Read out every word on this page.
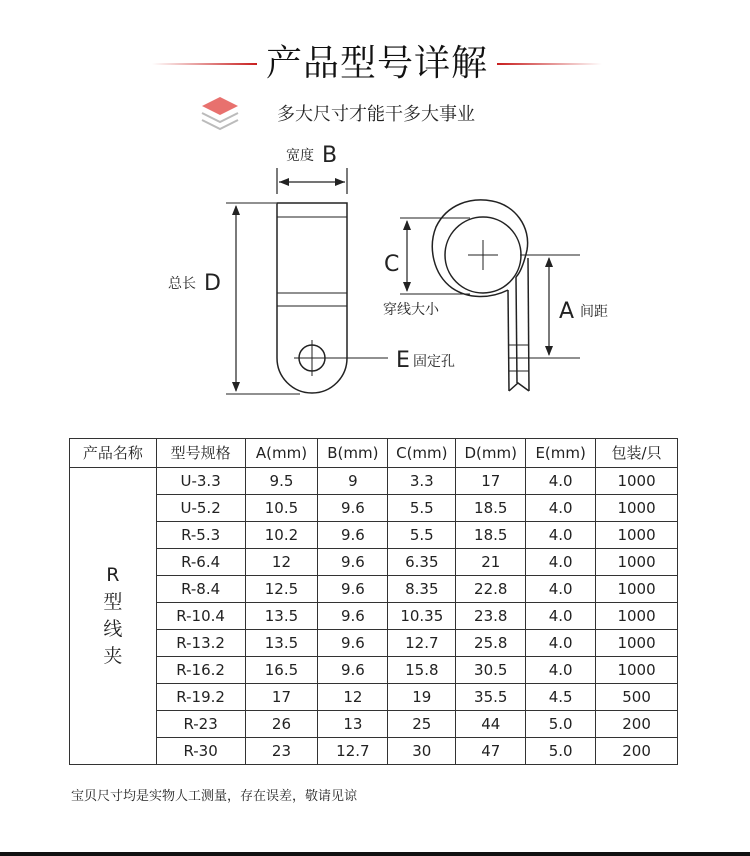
产品型号详解
多大尺寸才能干多大事业
宽度 B
总长 D
E 固定孔
C
穿线大小	A 间距
产品名称	型号规格	A(mm)	B(mm)	C(mm)	D(mm)	E(mm)	包装/只

R
型
线
夹	U-3.3	9.5	9	3.3	17	4.0	1000
	U-5.2	10.5	9.6	5.5	18.5	4.0	1000
	R-5.3	10.2	9.6	5.5	18.5	4.0	1000
	R-6.4	12	9.6	6.35	21	4.0	1000
	R-8.4	12.5	9.6	8.35	22.8	4.0	1000
	R-10.4	13.5	9.6	10.35	23.8	4.0	1000
	R-13.2	13.5	9.6	12.7	25.8	4.0	1000
	R-16.2	16.5	9.6	15.8	30.5	4.0	1000
	R-19.2	17	12	19	35.5	4.5	500
	R-23	26	13	25	44	5.0	200
	R-30	23	12.7	30	47	5.0	200
宝贝尺寸均是实物人工测量，存在误差，敬请见谅
